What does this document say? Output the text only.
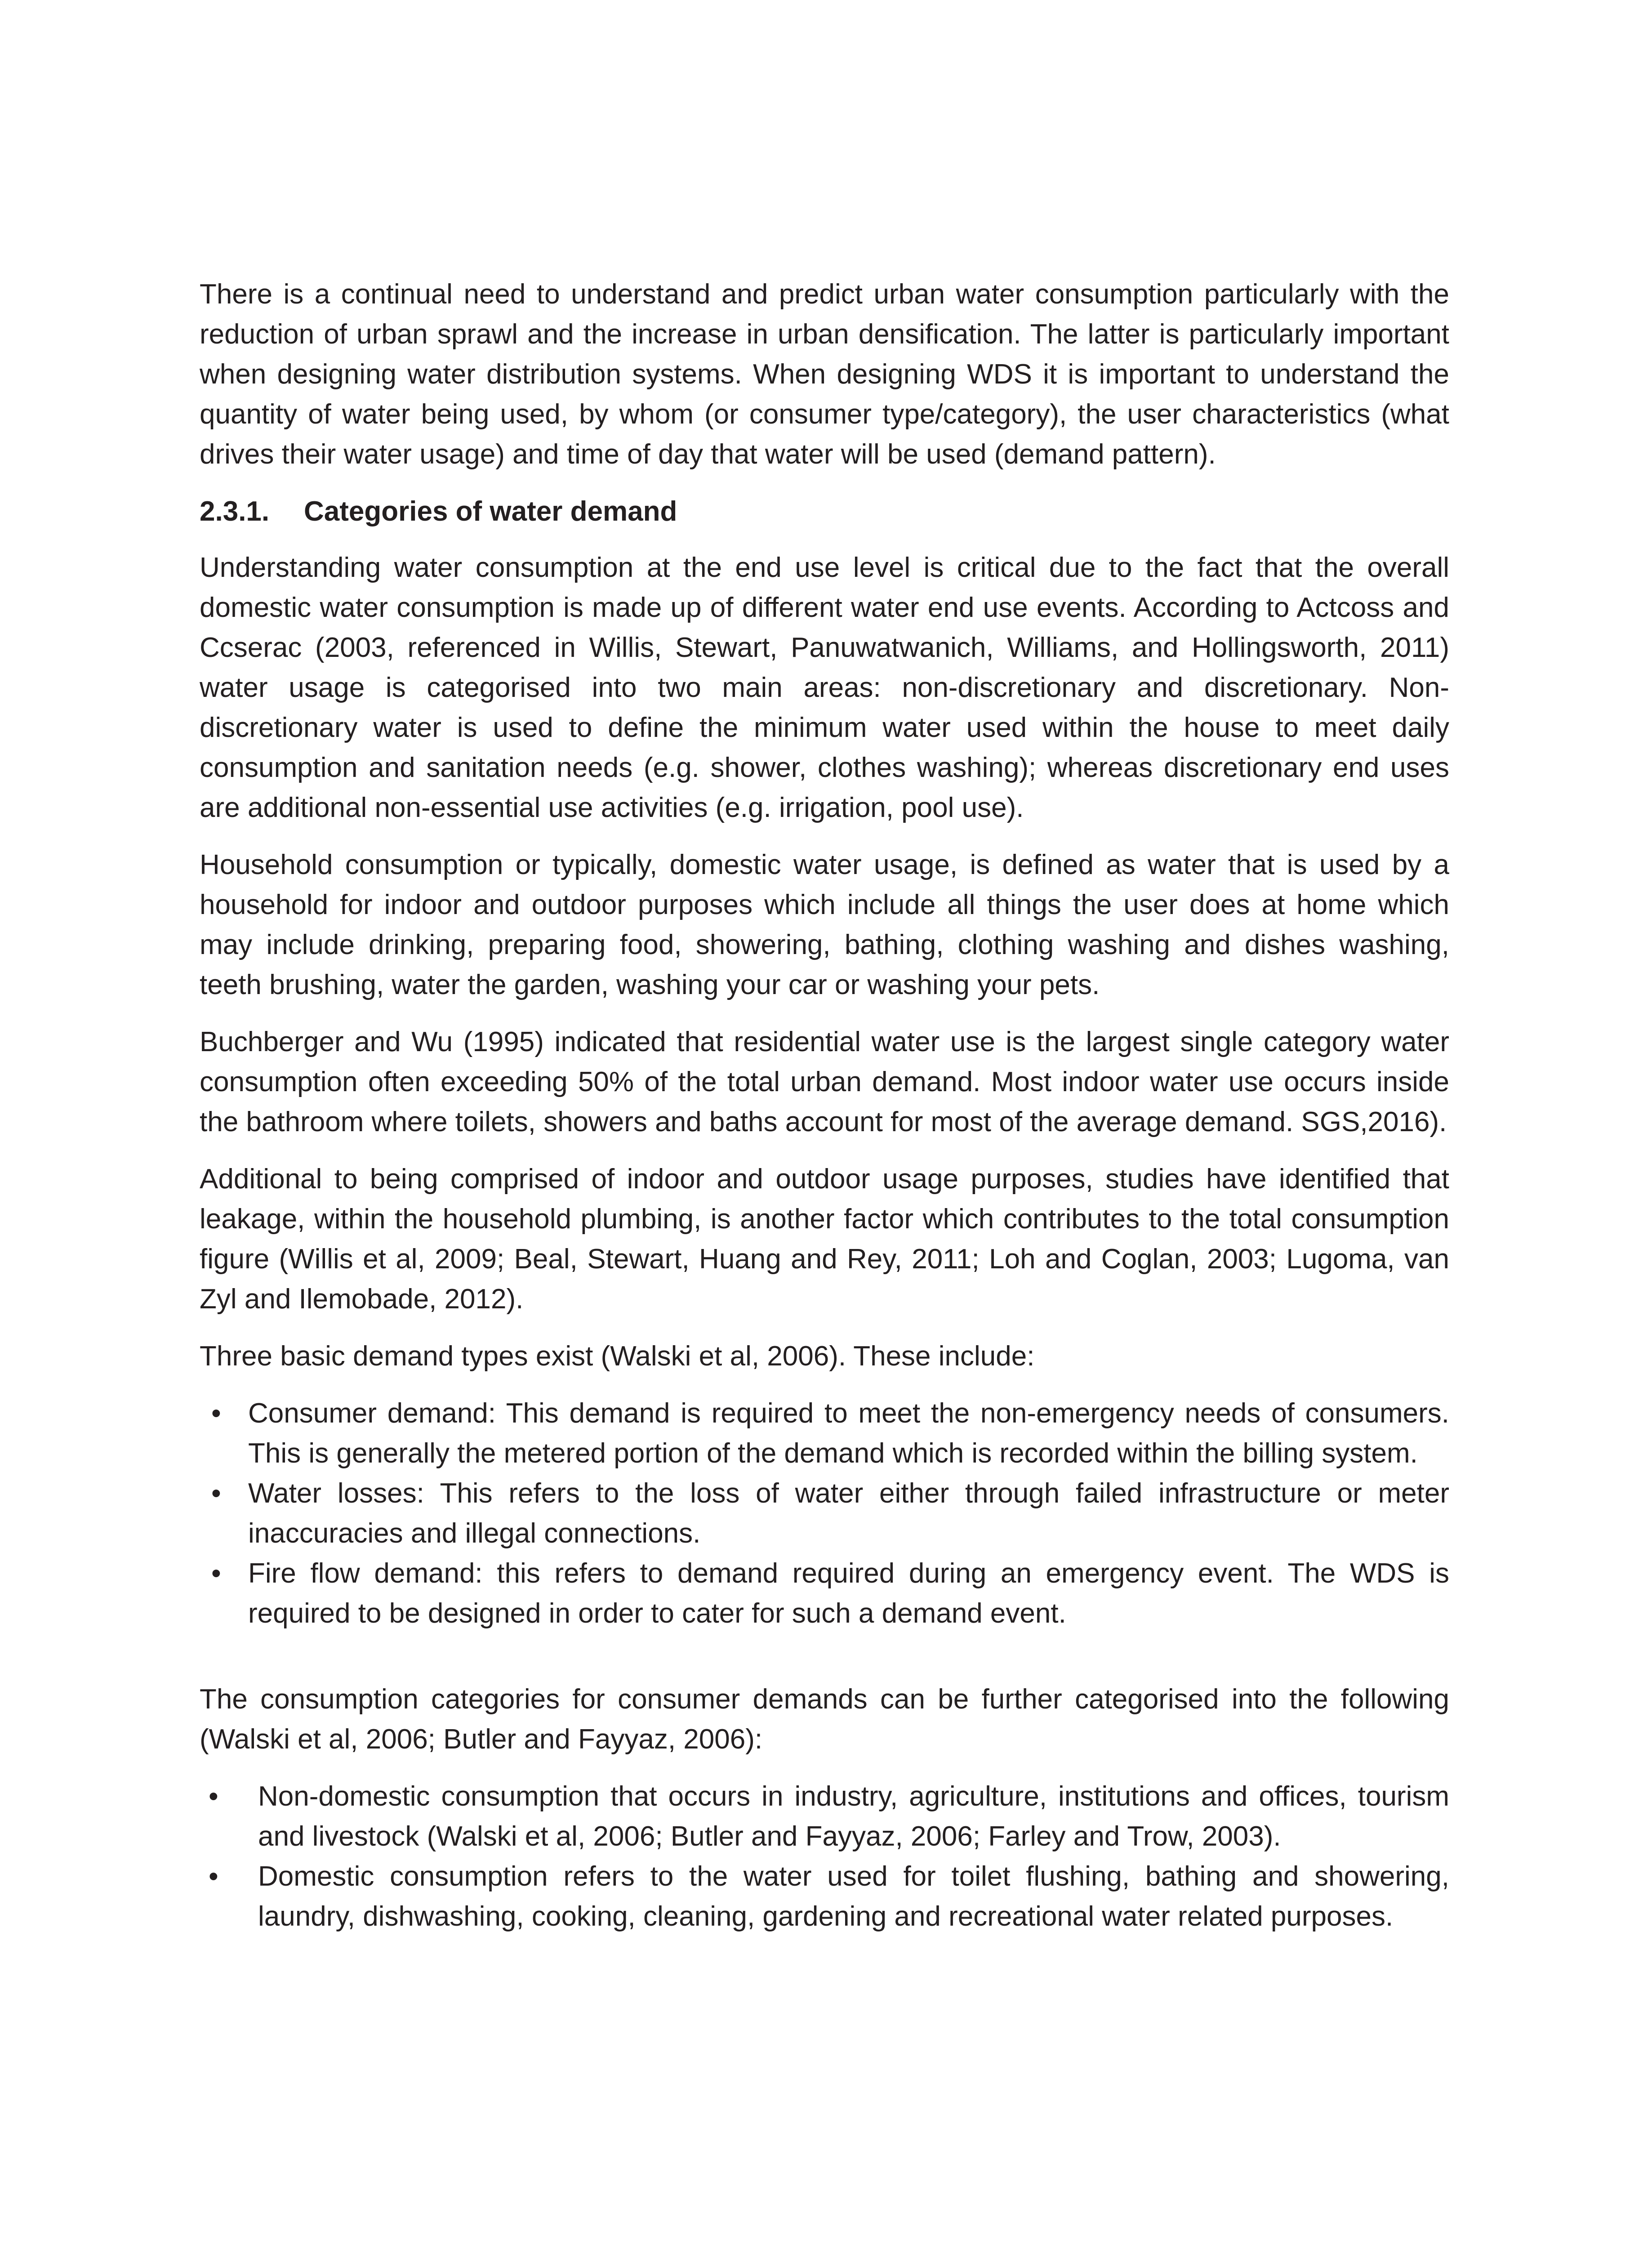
There is a continual need to understand and predict urban water consumption particularly with the reduction of urban sprawl and the increase in urban densification. The latter is particularly important when designing water distribution systems. When designing WDS it is important to understand the quantity of water being used, by whom (or consumer type/category), the user characteristics (what drives their water usage) and time of day that water will be used (demand pattern).

2.3.1. Categories of water demand

Understanding water consumption at the end use level is critical due to the fact that the overall domestic water consumption is made up of different water end use events. According to Actcoss and Ccserac (2003, referenced in Willis, Stewart, Panuwatwanich, Williams, and Hollingsworth, 2011) water usage is categorised into two main areas: non-discretionary and discretionary. Non-discretionary water is used to define the minimum water used within the house to meet daily consumption and sanitation needs (e.g. shower, clothes washing); whereas discretionary end uses are additional non-essential use activities (e.g. irrigation, pool use).

Household consumption or typically, domestic water usage, is defined as water that is used by a household for indoor and outdoor purposes which include all things the user does at home which may include drinking, preparing food, showering, bathing, clothing washing and dishes washing, teeth brushing, water the garden, washing your car or washing your pets.

Buchberger and Wu (1995) indicated that residential water use is the largest single category water consumption often exceeding 50% of the total urban demand. Most indoor water use occurs inside the bathroom where toilets, showers and baths account for most of the average demand. SGS,2016).

Additional to being comprised of indoor and outdoor usage purposes, studies have identified that leakage, within the household plumbing, is another factor which contributes to the total consumption figure (Willis et al, 2009; Beal, Stewart, Huang and Rey, 2011; Loh and Coglan, 2003; Lugoma, van Zyl and Ilemobade, 2012).

Three basic demand types exist (Walski et al, 2006). These include:

• Consumer demand: This demand is required to meet the non-emergency needs of consumers. This is generally the metered portion of the demand which is recorded within the billing system.
• Water losses: This refers to the loss of water either through failed infrastructure or meter inaccuracies and illegal connections.
• Fire flow demand: this refers to demand required during an emergency event. The WDS is required to be designed in order to cater for such a demand event.

The consumption categories for consumer demands can be further categorised into the following (Walski et al, 2006; Butler and Fayyaz, 2006):

• Non-domestic consumption that occurs in industry, agriculture, institutions and offices, tourism and livestock (Walski et al, 2006; Butler and Fayyaz, 2006; Farley and Trow, 2003).
• Domestic consumption refers to the water used for toilet flushing, bathing and showering, laundry, dishwashing, cooking, cleaning, gardening and recreational water related purposes.
